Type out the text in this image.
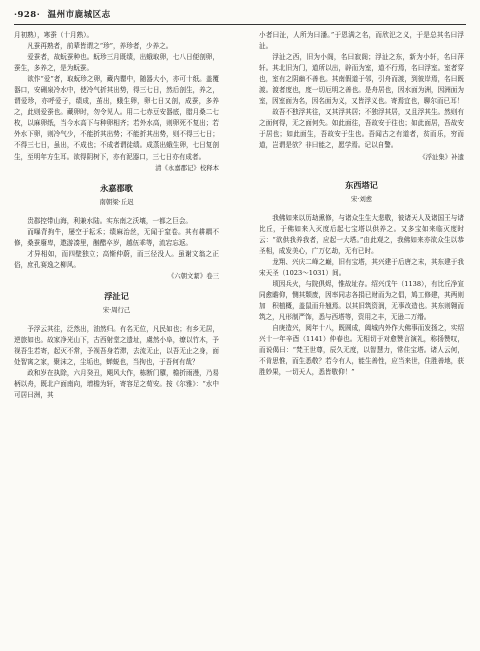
·928· 温州市鹿城区志

月初熟），寒蚕（十月熟）。

凡蚕再熟者，前辈皆谓之“珍”，养珍者，少养之。

爱蚕者，故蚖蚕种也。蚖珍三月既绩，出蛾取卵，七八日便剖卵，蚕生，多养之，是为蚖蚕。

欲作“爱”者，取蚖珍之卵，藏内罌中，随器大小，亦可十纸。盖覆器口，安硎泉冷水中，使冷气折其出势，得三七日，然后剖生，养之，谓爱珍，亦呼爱子，绩成，茧出，蛾生卵，卵七日又剖，成蚕，多养之，此则爱蚕也。藏卵时，勿令见人。用二七赤豆安器底，腊月桑二七枚，以麻卵纸，当今水高下与种卵相齐；若外水高，则卵死不复出；若外水下卵，则冷气少，不能折其出势；不能折其出势，则不得三七日；不得三七日，虽出，不成也；不成者谓徒绩。成蒸出蛾生卵，七日复剖生，至明年方生耳。欲得阴树下，亦有泥器口，三七日亦有成者。

清《永嘉郡记》校释本
永嘉郡歌
南朝梁·丘迟

贵郡控带山海，利兼水陆。实东南之沃壤，一都之巨会。

而曝背拘牛，屡空于耘禾；绩麻治丝，无闻于窒卷。其有耕耦不修，桑蚕廢卑，遨游凑里，酗醋卒岁，越伍乖等，流宕忘返。

才异相如，而四壁独立；高惭仲蔚，而三径没人。虽谢文翁之正俗，庶孔赛逸之柳风。

《六朝文絜》卷三
浮沚记
宋·周行己

予浮云其往，泛然出，油然归。有名无位，凡民如也；有乡无居，逆旅如也。故家净光山下，古西射堂之遗址，虞然小阜，缭以竹木，予视吾生若寄，起灭不常，予视吾身若滞，去流无止，以吾无止之身，面处智寓之家，聚沫之，尘垢也，蝉蜕也，当拘也，于吾何有哉？

政和岁在执除，六月癸丑，飓风大作，栋断门隳，檐折雨漫，乃易柄以舟，既北户面南向，增檐为轩，寄容足之荀安。按《尔雅》：“水中可居曰洲，其

小者曰沚，人所为曰潘。”于恩满之名，而欣汜之义，于是总其名曰浮沚。

浮沚之西，旧为小阁，名曰寂阁；浮沚之东，新为小轩，名曰萍轩。其北旧为门，道所以出，辟而为室，道不行焉，名曰浮室。室者穿也，室有之阴幽不善也。其南假道于邻，引舟而渡，到彼岸焉，名曰既渡。渡者度也，度一切厄明之善也。是舟居也，因水面为洲，因洲面为室，因室面为名，因名面为义，又皆浮义也。寄焉宜也，聊尔而已耳！

故吾不独浮其往，又其浮其居；不独浮其居，又且浮其生。然则有之面何得，无之面何失。如此面往，吾故安于往也；如此面居，吾故安于居也；如此面生，吾故安于生也。吾闻古之有道者，贫而乐，穷而道，岂谓是欤？非曰能之，愿学焉。记以自警。

《浮沚集》补遗
东西塔记
宋·刘愈

我佛如来以历劫熏修，与诸众生生大悲敬，彼诸天人及诸国王与诸比丘，于佛如来入灭度后起七宝塔以供养之。又多宝如来临灭度时云：“欲供我养我者，应起一大塔。”由此观之，我佛如来亦欲众生以恭圣相，成发美心，广万亿劫，无有已时。

龙翔、兴庆二峰之巅，旧有宝塔，其兴建于后唐之末，其东建于我宋天圣（1023～1031）间。

顷因兵火，与院俱烬，惟故址存。绍兴戊午（1138），有比丘净宣同愈瞻仰，恻其颓废，因率同志各捐已财而为之倡，鸠工修建，其两则加　积植概，盖鼠而升翘焉。以其旧筑资润，无事改造也。其东则翱而筑之，凡形制严饰，悉与西塔等，资用之丰，无逊二万缗。

自庚造兴，阅年十八，既圆成，阖城内外作大佛事而发扬之，实绍兴十一年辛酉（1141）仲春也。无相切于对愈赞言演礼，称扬赞叹，而说偈曰：“梵王世尊，辰久无度，以智慧力，常住宝塔。诸人云何，不肯思惟，而生悉敬？若今有人，能生善性，应当来世，住胜善地，获胜妙果，一切天人，悉皆敬仰！”
